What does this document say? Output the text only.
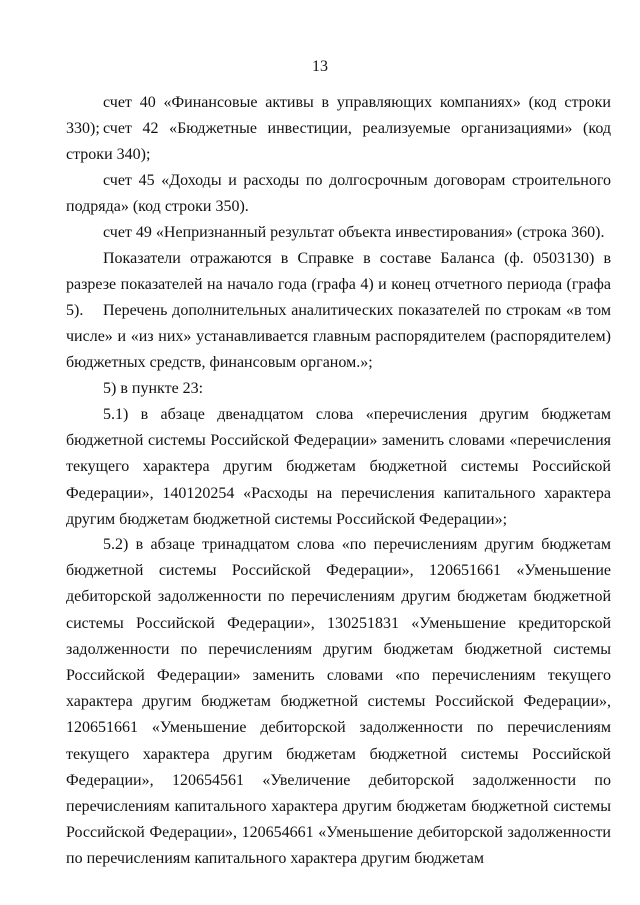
13

счет 40 «Финансовые активы в управляющих компаниях» (код строки 330); счет 42 «Бюджетные инвестиции, реализуемые организациями» (код строки 340);

счет 45 «Доходы и расходы по долгосрочным договорам строительного подряда» (код строки 350).

счет 49 «Непризнанный результат объекта инвестирования» (строка 360).

Показатели отражаются в Справке в составе Баланса (ф. 0503130) в разрезе показателей на начало года (графа 4) и конец отчетного периода (графа 5).	Перечень дополнительных аналитических показателей по строкам «в том числе» и «из них» устанавливается главным распорядителем (распорядителем) бюджетных средств, финансовым органом.»;

5) в пункте 23:

5.1) в абзаце двенадцатом слова «перечисления другим бюджетам бюджетной системы Российской Федерации» заменить словами «перечисления текущего характера другим бюджетам бюджетной системы Российской Федерации», 140120254 «Расходы на перечисления капитального характера другим бюджетам бюджетной системы Российской Федерации»;

5.2) в абзаце тринадцатом слова «по перечислениям другим бюджетам бюджетной системы Российской Федерации», 120651661 «Уменьшение дебиторской задолженности по перечислениям другим бюджетам бюджетной системы Российской Федерации», 130251831 «Уменьшение кредиторской задолженности по перечислениям другим бюджетам бюджетной системы Российской Федерации» заменить словами «по перечислениям текущего характера другим бюджетам бюджетной системы Российской Федерации», 120651661 «Уменьшение дебиторской задолженности по перечислениям текущего характера другим бюджетам бюджетной системы Российской Федерации», 120654561 «Увеличение дебиторской задолженности по перечислениям капитального характера другим бюджетам бюджетной системы Российской Федерации», 120654661 «Уменьшение дебиторской задолженности по перечислениям капитального характера другим бюджетам
